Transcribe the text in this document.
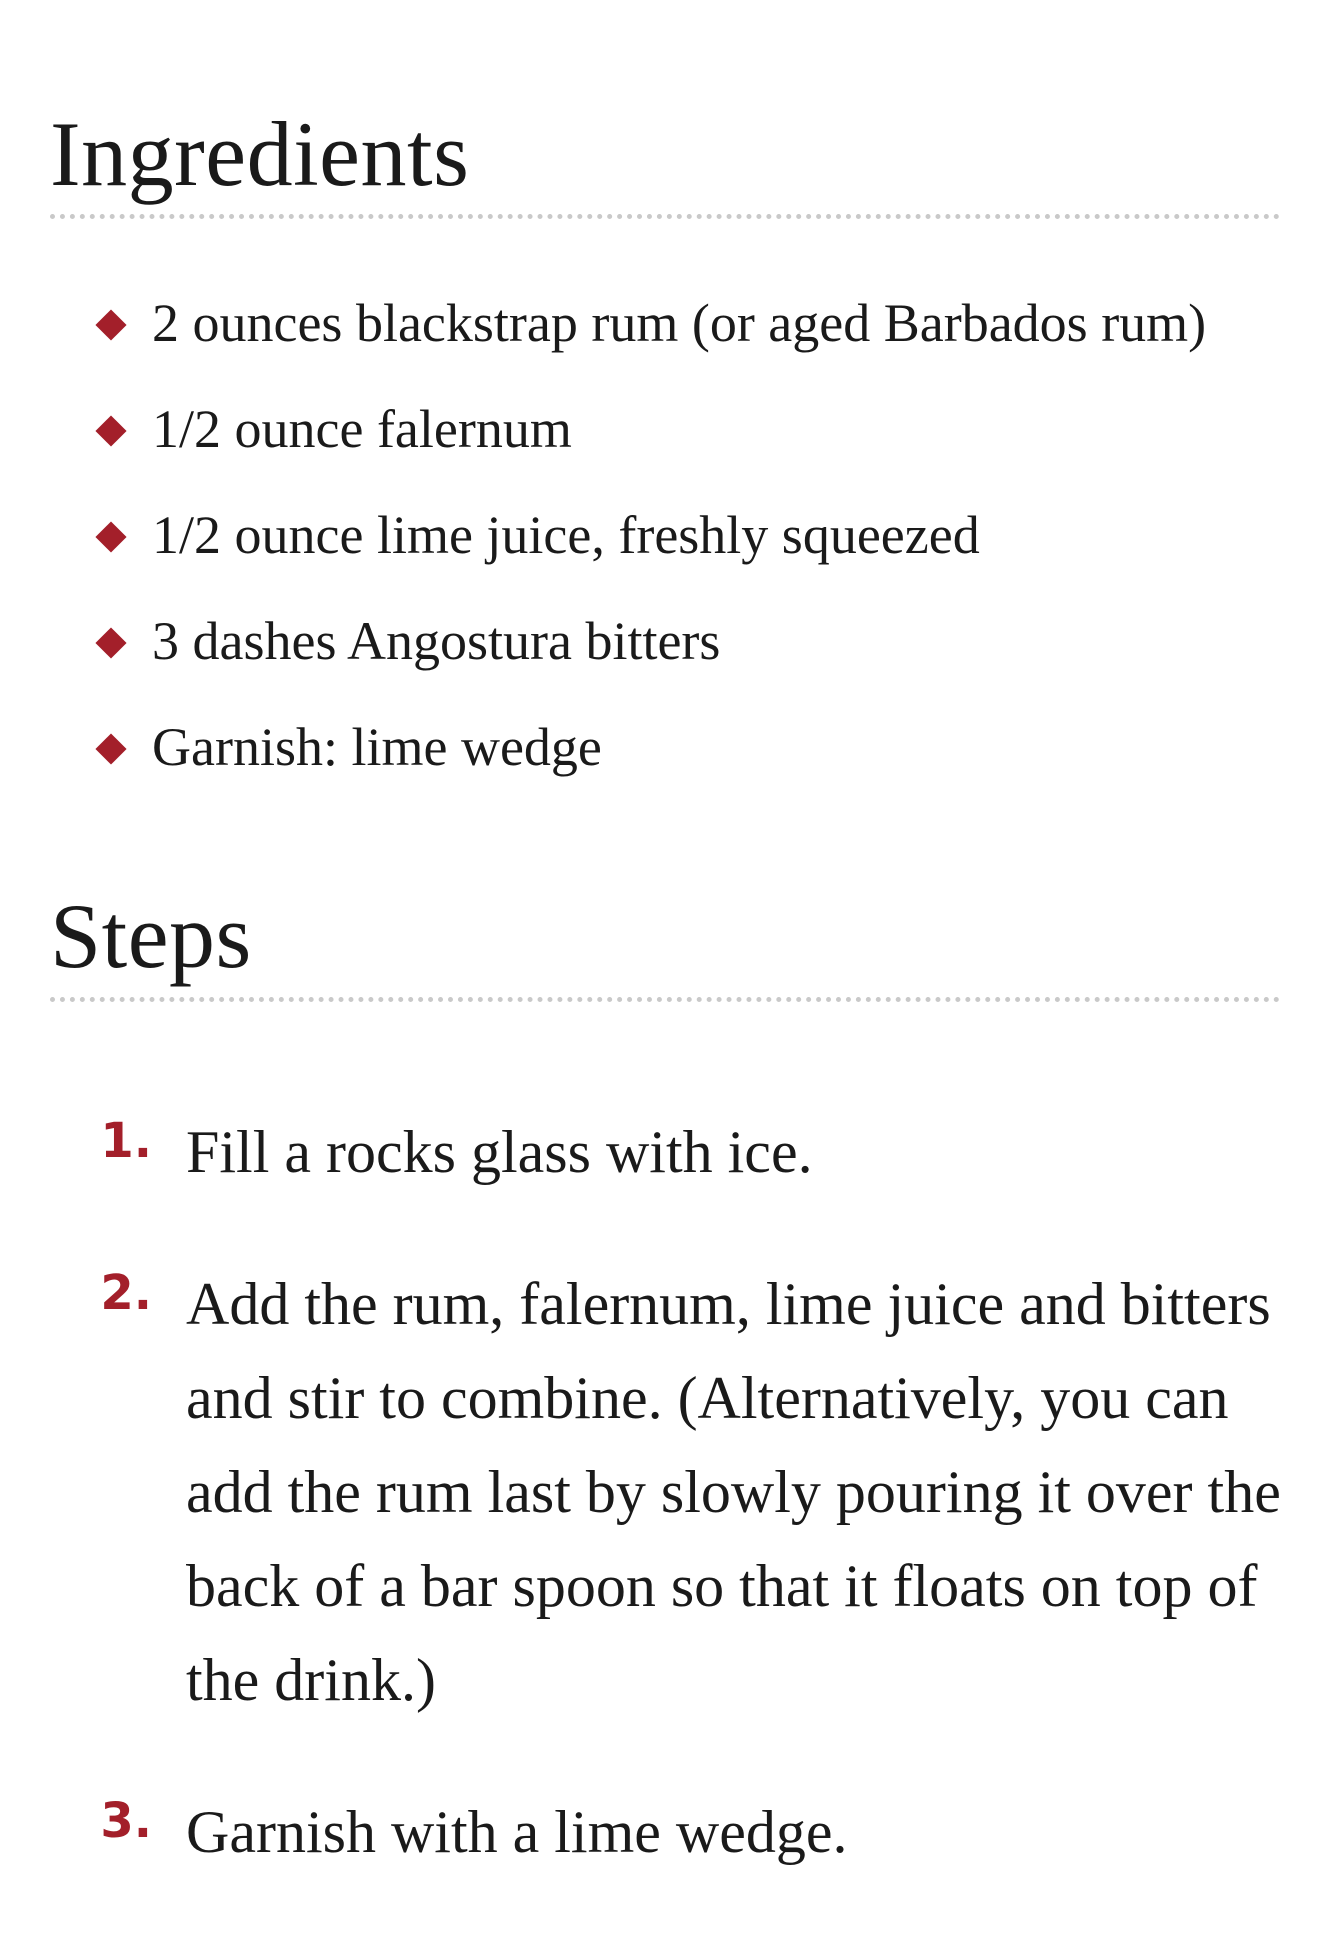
Ingredients
2 ounces blackstrap rum (or aged Barbados rum)
1/2 ounce falernum
1/2 ounce lime juice, freshly squeezed
3 dashes Angostura bitters
Garnish: lime wedge
Steps
1. Fill a rocks glass with ice.
2. Add the rum, falernum, lime juice and bitters and stir to combine. (Alternatively, you can add the rum last by slowly pouring it over the back of a bar spoon so that it floats on top of the drink.)
3. Garnish with a lime wedge.
